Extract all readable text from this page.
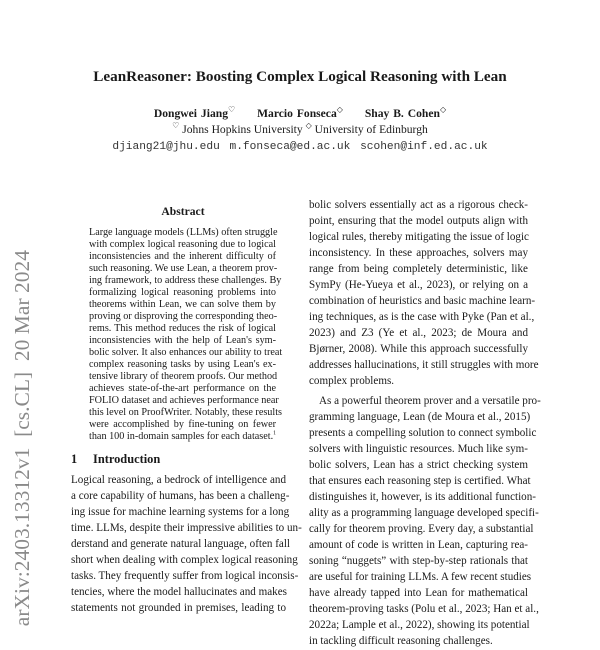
arXiv:2403.13312v1  [cs.CL]  20 Mar 2024
LeanReasoner: Boosting Complex Logical Reasoning with Lean
Dongwei Jiang♡ Marcio Fonseca◇ Shay B. Cohen◇
♡ Johns Hopkins University ◇ University of Edinburgh
djiang21@jhu.edu m.fonseca@ed.ac.uk scohen@inf.ed.ac.uk
Abstract
Large language models (LLMs) often struggle
with complex logical reasoning due to logical
inconsistencies and the inherent difficulty of
such reasoning. We use Lean, a theorem prov-
ing framework, to address these challenges. By
formalizing logical reasoning problems into
theorems within Lean, we can solve them by
proving or disproving the corresponding theo-
rems. This method reduces the risk of logical
inconsistencies with the help of Lean's sym-
bolic solver. It also enhances our ability to treat
complex reasoning tasks by using Lean's ex-
tensive library of theorem proofs. Our method
achieves state-of-the-art performance on the
FOLIO dataset and achieves performance near
this level on ProofWriter. Notably, these results
were accomplished by fine-tuning on fewer
than 100 in-domain samples for each dataset.$^1$
1 Introduction
Logical reasoning, a bedrock of intelligence and
a core capability of humans, has been a challeng-
ing issue for machine learning systems for a long
time. LLMs, despite their impressive abilities to un-
derstand and generate natural language, often fall
short when dealing with complex logical reasoning
tasks. They frequently suffer from logical inconsis-
tencies, where the model hallucinates and makes
statements not grounded in premises, leading to
bolic solvers essentially act as a rigorous check-
point, ensuring that the model outputs align with
logical rules, thereby mitigating the issue of logic
inconsistency. In these approaches, solvers may
range from being completely deterministic, like
SymPy (He-Yueya et al., 2023), or relying on a
combination of heuristics and basic machine learn-
ing techniques, as is the case with Pyke (Pan et al.,
2023) and Z3 (Ye et al., 2023; de Moura and
Bjørner, 2008). While this approach successfully
addresses hallucinations, it still struggles with more
complex problems.
As a powerful theorem prover and a versatile pro-
gramming language, Lean (de Moura et al., 2015)
presents a compelling solution to connect symbolic
solvers with linguistic resources. Much like sym-
bolic solvers, Lean has a strict checking system
that ensures each reasoning step is certified. What
distinguishes it, however, is its additional function-
ality as a programming language developed specifi-
cally for theorem proving. Every day, a substantial
amount of code is written in Lean, capturing rea-
soning “nuggets” with step-by-step rationals that
are useful for training LLMs. A few recent studies
have already tapped into Lean for mathematical
theorem-proving tasks (Polu et al., 2023; Han et al.,
2022a; Lample et al., 2022), showing its potential
in tackling difficult reasoning challenges.
